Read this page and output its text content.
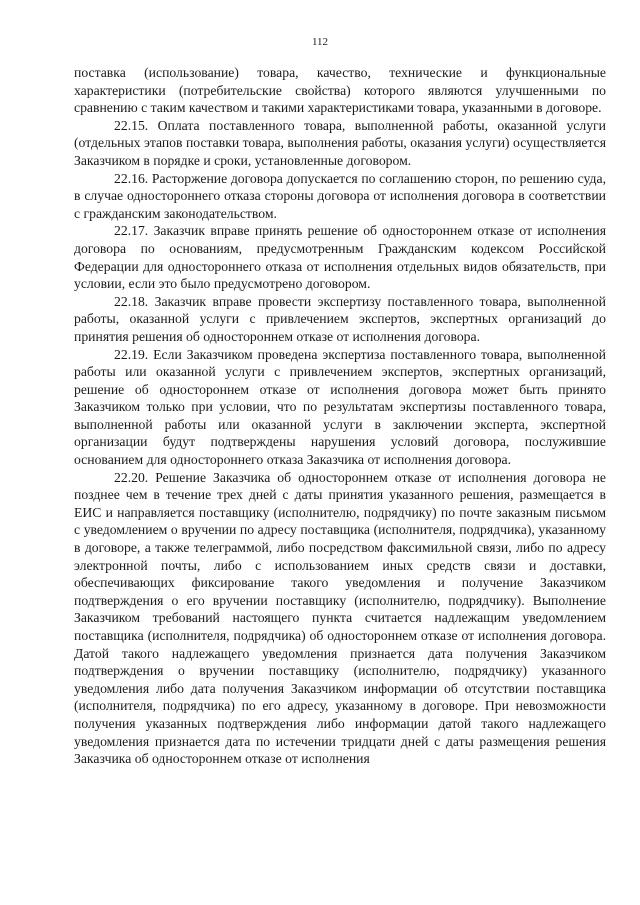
112

поставка (использование) товара, качество, технические и функциональные характеристики (потребительские свойства) которого являются улучшенными по сравнению с таким качеством и такими характеристиками товара, указанными в договоре.

22.15. Оплата поставленного товара, выполненной работы, оказанной услуги (отдельных этапов поставки товара, выполнения работы, оказания услуги) осуществляется Заказчиком в порядке и сроки, установленные договором.

22.16. Расторжение договора допускается по соглашению сторон, по решению суда, в случае одностороннего отказа стороны договора от исполнения договора в соответствии с гражданским законодательством.

22.17. Заказчик вправе принять решение об одностороннем отказе от исполнения договора по основаниям, предусмотренным Гражданским кодексом Российской Федерации для одностороннего отказа от исполнения отдельных видов обязательств, при условии, если это было предусмотрено договором.

22.18. Заказчик вправе провести экспертизу поставленного товара, выполненной работы, оказанной услуги с привлечением экспертов, экспертных организаций до принятия решения об одностороннем отказе от исполнения договора.

22.19. Если Заказчиком проведена экспертиза поставленного товара, выполненной работы или оказанной услуги с привлечением экспертов, экспертных организаций, решение об одностороннем отказе от исполнения договора может быть принято Заказчиком только при условии, что по результатам экспертизы поставленного товара, выполненной работы или оказанной услуги в заключении эксперта, экспертной организации будут подтверждены нарушения условий договора, послужившие основанием для одностороннего отказа Заказчика от исполнения договора.

22.20. Решение Заказчика об одностороннем отказе от исполнения договора не позднее чем в течение трех дней с даты принятия указанного решения, размещается в ЕИС и направляется поставщику (исполнителю, подрядчику) по почте заказным письмом с уведомлением о вручении по адресу поставщика (исполнителя, подрядчика), указанному в договоре, а также телеграммой, либо посредством факсимильной связи, либо по адресу электронной почты, либо с использованием иных средств связи и доставки, обеспечивающих фиксирование такого уведомления и получение Заказчиком подтверждения о его вручении поставщику (исполнителю, подрядчику). Выполнение Заказчиком требований настоящего пункта считается надлежащим уведомлением поставщика (исполнителя, подрядчика) об одностороннем отказе от исполнения договора. Датой такого надлежащего уведомления признается дата получения Заказчиком подтверждения о вручении поставщику (исполнителю, подрядчику) указанного уведомления либо дата получения Заказчиком информации об отсутствии поставщика (исполнителя, подрядчика) по его адресу, указанному в договоре. При невозможности получения указанных подтверждения либо информации датой такого надлежащего уведомления признается дата по истечении тридцати дней с даты размещения решения Заказчика об одностороннем отказе от исполнения
